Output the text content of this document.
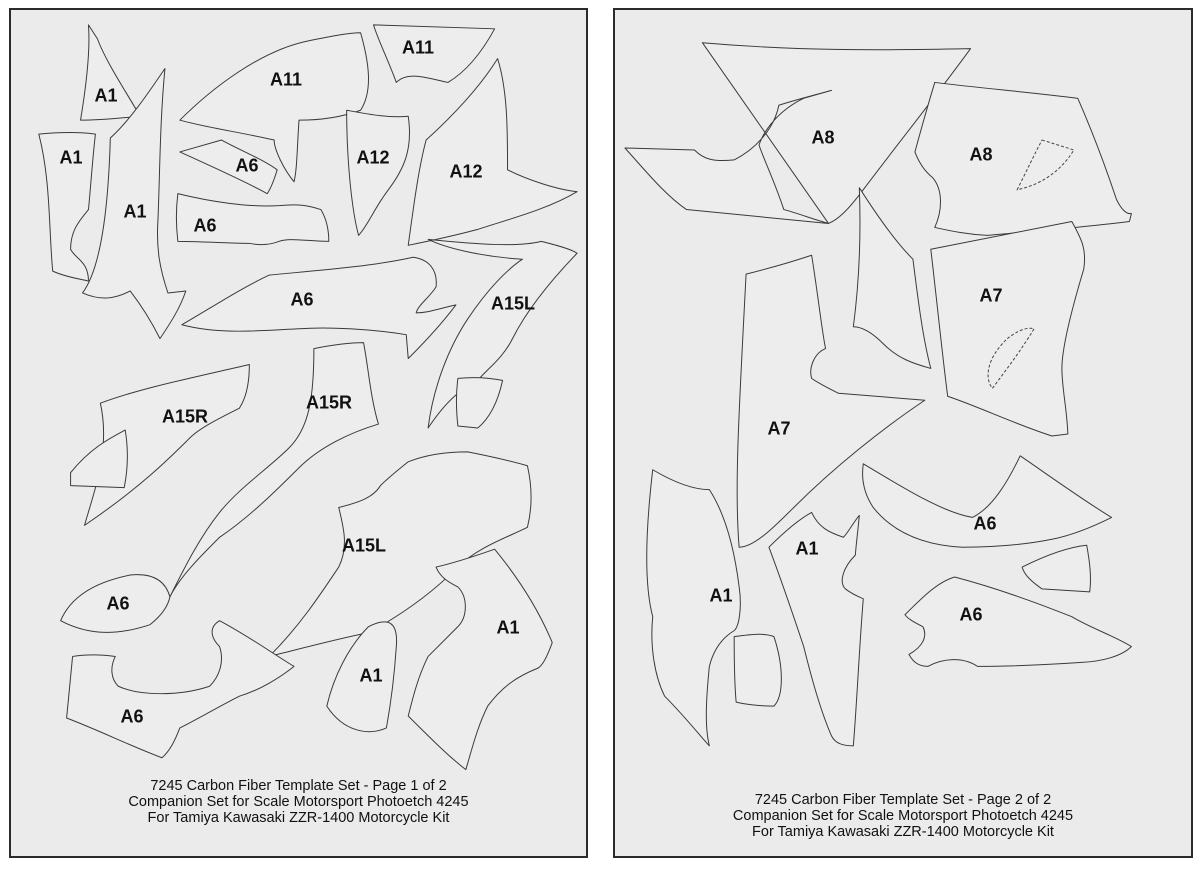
A1
A11
A11
A1	A6	A12
A12
A1
A6
A6	A15L
A15R
A15R
A15L
A6
A1
A1
A6
7245 Carbon Fiber Template Set - Page 1 of 2
Companion Set for Scale Motorsport Photoetch 4245
For Tamiya Kawasaki ZZR-1400 Motorcycle Kit
A8
A8
A7
A7
A6
A1
A1
A6
7245 Carbon Fiber Template Set - Page 2 of 2
Companion Set for Scale Motorsport Photoetch 4245
For Tamiya Kawasaki ZZR-1400 Motorcycle Kit
